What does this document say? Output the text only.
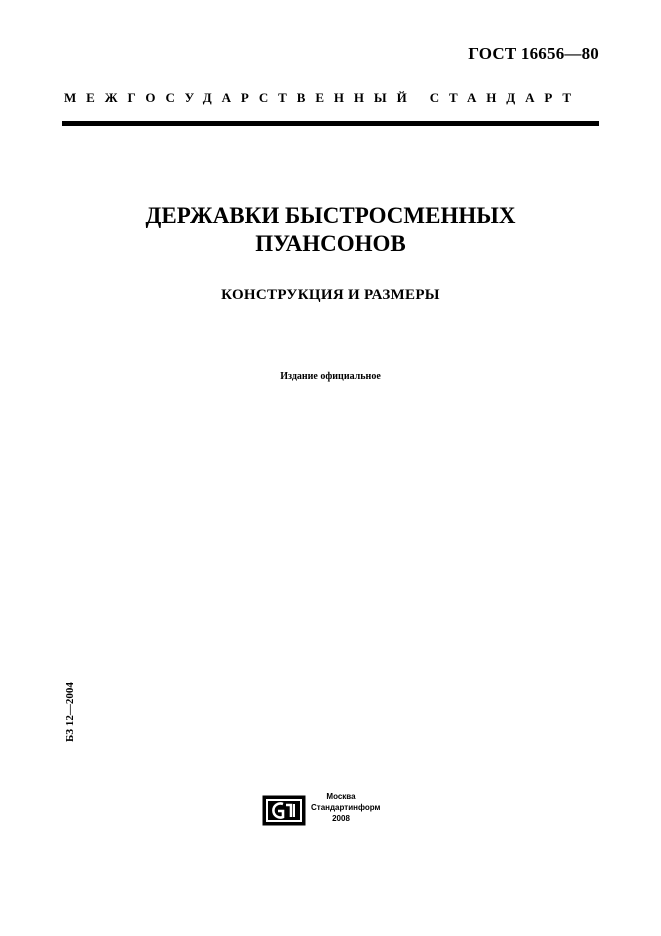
ГОСТ 16656—80
МЕЖГОСУДАРСТВЕННЫЙ СТАНДАРТ
ДЕРЖАВКИ БЫСТРОСМЕННЫХ
ПУАНСОНОВ
КОНСТРУКЦИЯ И РАЗМЕРЫ
Издание официальное
БЗ 12—2004
Москва
Стандартинформ
2008
